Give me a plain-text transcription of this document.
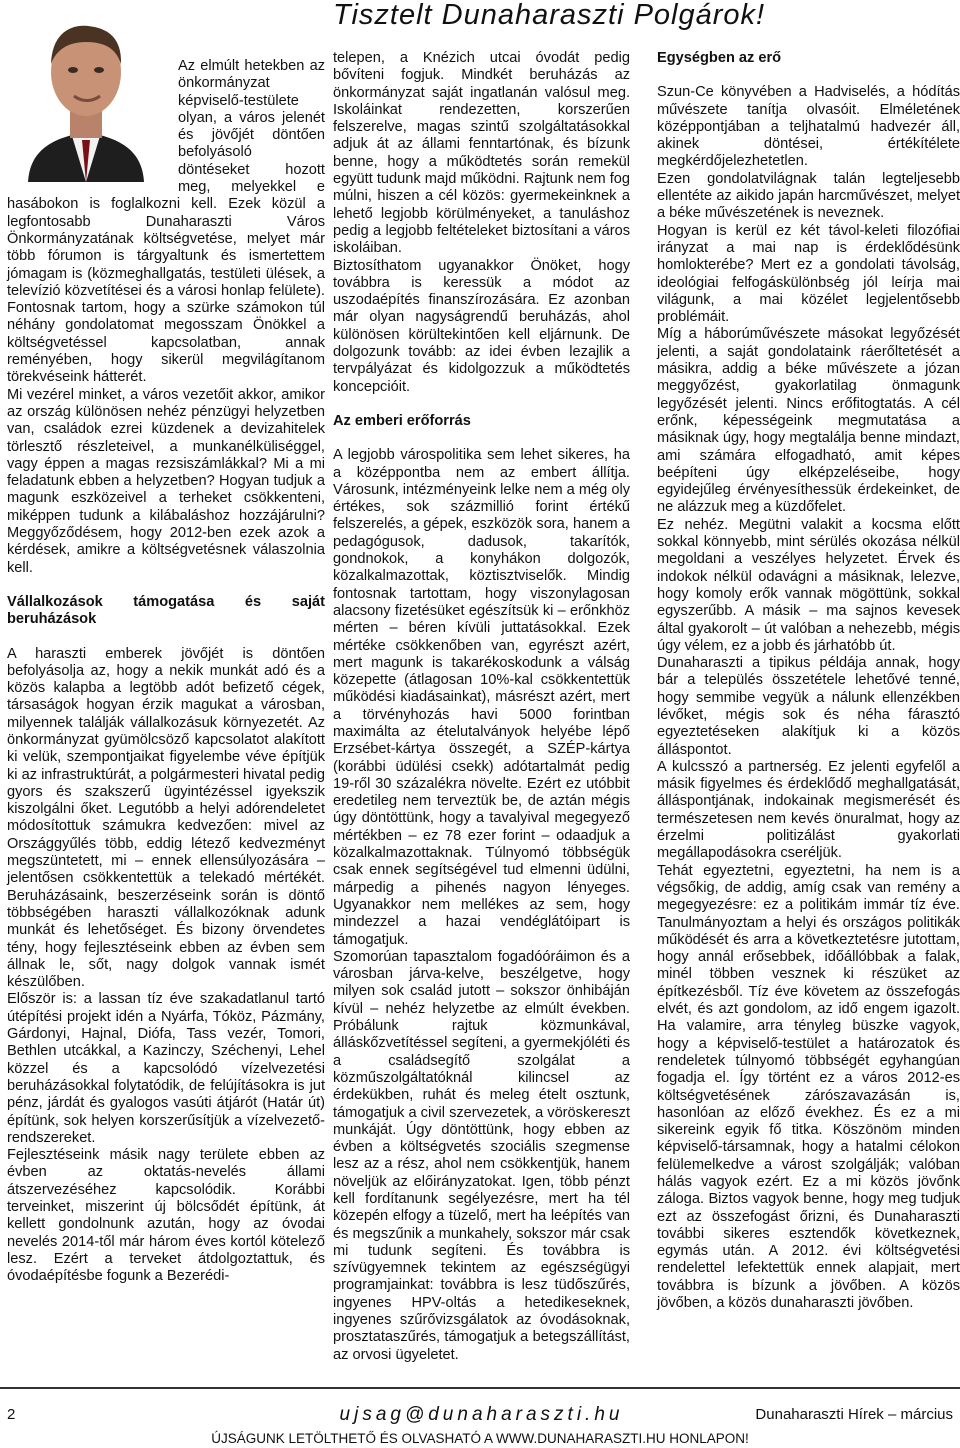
Tisztelt Dunaharaszti Polgárok!

Az elmúlt hetekben az önkormányzat képviselő-testülete olyan, a város jelenét és jövőjét döntően befolyásoló döntéseket hozott meg, melyekkel e hasábokon is foglalkozni kell. Ezek közül a legfontosabb Dunaharaszti Város Önkormányzatának költségvetése, melyet már több fórumon is tárgyaltunk és ismertettem jómagam is (közmeghallgatás, testületi ülések, a televízió közvetítései és a városi honlap felülete). Fontosnak tartom, hogy a szürke számokon túl néhány gondolatomat megosszam Önökkel a költségvetéssel kapcsolatban, annak reményében, hogy sikerül megvilágítanom törekvéseink hátterét.

Mi vezérel minket, a város vezetőit akkor, amikor az ország különösen nehéz pénzügyi helyzetben van, családok ezrei küzdenek a devizahitelek törlesztő részleteivel, a munkanélküliséggel, vagy éppen a magas rezsiszámlákkal? Mi a mi feladatunk ebben a helyzetben? Hogyan tudjuk a magunk eszközeivel a terheket csökkenteni, miképpen tudunk a kilábaláshoz hozzájárulni? Meggyőződésem, hogy 2012-ben ezek azok a kérdések, amikre a költségvetésnek válaszolnia kell.

Vállalkozások támogatása és saját beruházások

A haraszti emberek jövőjét is döntően befolyásolja az, hogy a nekik munkát adó és a közös kalapba a legtöbb adót befizető cégek, társaságok hogyan érzik magukat a városban, milyennek találják vállalkozásuk környezetét. Az önkormányzat gyümölcsöző kapcsolatot alakított ki velük, szempontjaikat figyelembe véve építjük ki az infrastruktúrát, a polgármesteri hivatal pedig gyors és szakszerű ügyintézéssel igyekszik kiszolgálni őket. Legutóbb a helyi adórendeletet módosítottuk számukra kedvezően: mivel az Országgyűlés több, eddig létező kedvezményt megszüntetett, mi – ennek ellensúlyozására – jelentősen csökkentettük a telekadó mértékét. Beruházásaink, beszerzéseink során is döntő többségében haraszti vállalkozóknak adunk munkát és lehetőséget. És bizony örvendetes tény, hogy fejlesztéseink ebben az évben sem állnak le, sőt, nagy dolgok vannak ismét készülőben.

Először is: a lassan tíz éve szakadatlanul tartó útépítési projekt idén a Nyárfa, Tóköz, Pázmány, Gárdonyi, Hajnal, Diófa, Tass vezér, Tomori, Bethlen utcákkal, a Kazinczy, Széchenyi, Lehel közzel és a kapcsolódó vízelvezetési beruházásokkal folytatódik, de felújításokra is jut pénz, járdát és gyalogos vasúti átjárót (Határ út) építünk, sok helyen korszerűsítjük a vízelvezető-rendszereket.

Fejlesztéseink másik nagy területe ebben az évben az oktatás-nevelés állami átszervezéséhez kapcsolódik. Korábbi terveinket, miszerint új bölcsődét építünk, át kellett gondolnunk azután, hogy az óvodai nevelés 2014-től már három éves kortól kötelező lesz. Ezért a terveket átdolgoztattuk, és óvodaépítésbe fogunk a Bezerédi-

telepen, a Knézich utcai óvodát pedig bővíteni fogjuk. Mindkét beruházás az önkormányzat saját ingatlanán valósul meg. Iskoláinkat rendezetten, korszerűen felszerelve, magas szintű szolgáltatásokkal adjuk át az állami fenntartónak, és bízunk benne, hogy a működtetés során remekül együtt tudunk majd működni. Rajtunk nem fog múlni, hiszen a cél közös: gyermekeinknek a lehető legjobb körülményeket, a tanuláshoz pedig a legjobb feltételeket biztosítani a város iskoláiban.

Biztosíthatom ugyanakkor Önöket, hogy továbbra is keressük a módot az uszodaépítés finanszírozására. Ez azonban már olyan nagyságrendű beruházás, ahol különösen körültekintően kell eljárnunk. De dolgozunk tovább: az idei évben lezajlik a tervpályázat és kidolgozzuk a működtetés koncepcióit.

Az emberi erőforrás

A legjobb várospolitika sem lehet sikeres, ha a középpontba nem az embert állítja. Városunk, intézményeink lelke nem a még oly értékes, sok százmillió forint értékű felszerelés, a gépek, eszközök sora, hanem a pedagógusok, dadusok, takarítók, gondnokok, a konyhákon dolgozók, közalkalmazottak, köztisztviselők. Mindig fontosnak tartottam, hogy viszonylagosan alacsony fizetésüket egészítsük ki – erőnkhöz mérten – béren kívüli juttatásokkal. Ezek mértéke csökkenőben van, egyrészt azért, mert magunk is takarékoskodunk a válság közepette (átlagosan 10%-kal csökkentettük működési kiadásainkat), másrészt azért, mert a törvényhozás havi 5000 forintban maximálta az ételutalványok helyébe lépő Erzsébet-kártya összegét, a SZÉP-kártya (korábbi üdülési csekk) adótartalmát pedig 19-ről 30 százalékra növelte. Ezért ez utóbbit eredetileg nem terveztük be, de aztán mégis úgy döntöttünk, hogy a tavalyival megegyező mértékben – ez 78 ezer forint – odaadjuk a közalkalmazottaknak. Túlnyomó többségük csak ennek segítségével tud elmenni üdülni, márpedig a pihenés nagyon lényeges. Ugyanakkor nem mellékes az sem, hogy mindezzel a hazai vendéglátóipart is támogatjuk.

Szomorúan tapasztalom fogadóóráimon és a városban járva-kelve, beszélgetve, hogy milyen sok család jutott – sokszor önhibáján kívül – nehéz helyzetbe az elmúlt években. Próbálunk rajtuk közmunkával, álláskőzvetítéssel segíteni, a gyermekjóléti és a családsegítő szolgálat a közműszolgáltatóknál kilincsel az érdekükben, ruhát és meleg ételt osztunk, támogatjuk a civil szervezetek, a vöröskereszt munkáját. Úgy döntöttünk, hogy ebben az évben a költségvetés szociális szegmense lesz az a rész, ahol nem csökkentjük, hanem növeljük az előirányzatokat. Igen, több pénzt kell fordítanunk segélyezésre, mert ha tél közepén elfogy a tüzelő, mert ha leépítés van és megszűnik a munkahely, sokszor már csak mi tudunk segíteni. És továbbra is szívügyemnek tekintem az egészségügyi programjainkat: továbbra is lesz tüdőszűrés, ingyenes HPV-oltás a hetedikeseknek, ingyenes szűrővizsgálatok az óvodásoknak, prosztataszűrés, támogatjuk a betegszállítást, az orvosi ügyeletet.

Egységben az erő

Szun-Ce könyvében a Hadviselés, a hódítás művészete tanítja olvasóit. Elméletének középpontjában a teljhatalmú hadvezér áll, akinek döntései, értékítélete megkérdőjelezhetetlen.

Ezen gondolatvilágnak talán legteljesebb ellentéte az aikido japán harcművészet, melyet a béke művészetének is neveznek.

Hogyan is kerül ez két távol-keleti filozófiai irányzat a mai nap is érdeklődésünk homlokterébe? Mert ez a gondolati távolság, ideológiai felfogáskülönbség jól leírja mai világunk, a mai közélet legjelentősebb problémáit.

Míg a háborúművészete másokat legyőzését jelenti, a saját gondolataink ráerőltetését a másikra, addig a béke művészete a józan meggyőzést, gyakorlatilag önmagunk legyőzését jelenti. Nincs erőfitogtatás. A cél erőnk, képességeink megmutatása a másiknak úgy, hogy megtalálja benne mindazt, ami számára elfogadható, amit képes beépíteni úgy elképzeléseibe, hogy egyidejűleg érvényesíthessük érdekeinket, de ne alázzuk meg a küzdőfelet.

Ez nehéz. Megütni valakit a kocsma előtt sokkal könnyebb, mint sérülés okozása nélkül megoldani a veszélyes helyzetet. Érvek és indokok nélkül odavágni a másiknak, lelezve, hogy komoly erők vannak mögöttünk, sokkal egyszerűbb. A másik – ma sajnos kevesek által gyakorolt – út valóban a nehezebb, mégis úgy vélem, ez a jobb és járhatóbb út.

Dunaharaszti a tipikus példája annak, hogy bár a település összetétele lehetővé tenné, hogy semmibe vegyük a nálunk ellenzékben lévőket, mégis sok és néha fárasztó egyeztetéseken alakítjuk ki a közös álláspontot.

A kulcsszó a partnerség. Ez jelenti egyfelől a másik figyelmes és érdeklődő meghallgatását, álláspontjának, indokainak megismerését és természetesen nem kevés önuralmat, hogy az érzelmi politizálást gyakorlati megállapodásokra cseréljük.

Tehát egyeztetni, egyeztetni, ha nem is a végsőkig, de addig, amíg csak van remény a megegyezésre: ez a politikám immár tíz éve. Tanulmányoztam a helyi és országos politikák működését és arra a következtetésre jutottam, hogy annál erősebbek, időállóbbak a falak, minél többen vesznek ki részüket az építkezésből. Tíz éve követem az összefogás elvét, és azt gondolom, az idő engem igazolt. Ha valamire, arra tényleg büszke vagyok, hogy a képviselő-testület a határozatok és rendeletek túlnyomó többségét egyhangúan fogadja el. Így történt ez a város 2012-es költségvetésének zárószavazásán is, hasonlóan az előző évekhez. És ez a mi sikereink egyik fő titka. Köszönöm minden képviselő-társamnak, hogy a hatalmi célokon felülemelkedve a várost szolgálják; valóban hálás vagyok ezért. Ez a mi közös jövőnk záloga. Biztos vagyok benne, hogy meg tudjuk ezt az összefogást őrizni, és Dunaharaszti további sikeres esztendők következnek, egymás után. A 2012. évi költségvetési rendelettel lefektettük ennek alapjait, mert továbbra is bízunk a jövőben. A közös jövőben, a közös dunaharaszti jövőben.

2	ujsag@dunaharaszti.hu	Dunaharaszti Hírek – március
ÚJSÁGUNK LETÖLTHETŐ ÉS OLVASHATÓ A WWW.DUNAHARASZTI.HU HONLAPON!
